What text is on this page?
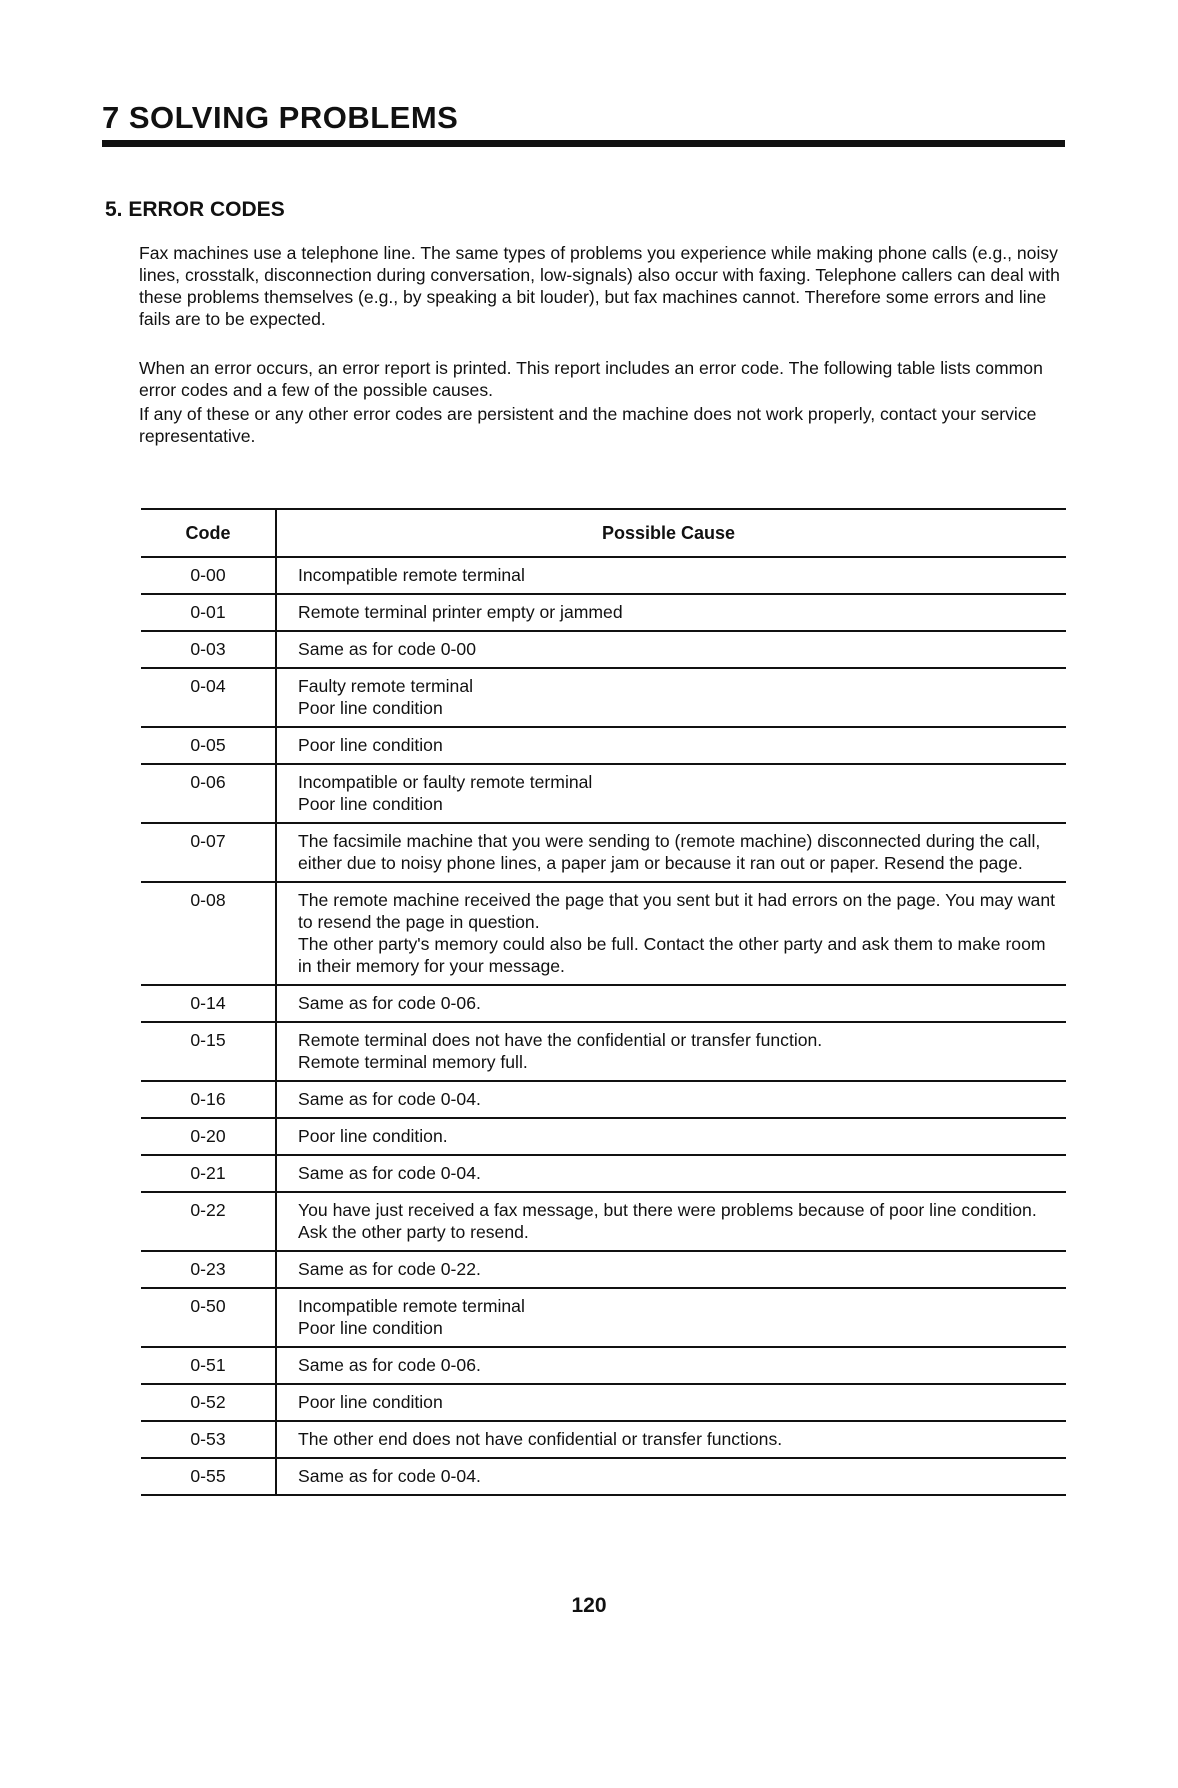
7 SOLVING PROBLEMS
5. ERROR CODES

Fax machines use a telephone line. The same types of problems you experience while making phone calls (e.g., noisy lines, crosstalk, disconnection during conversation, low-signals) also occur with faxing. Telephone callers can deal with these problems themselves (e.g., by speaking a bit louder), but fax machines cannot. Therefore some errors and line fails are to be expected.

When an error occurs, an error report is printed. This report includes an error code. The following table lists common error codes and a few of the possible causes.

If any of these or any other error codes are persistent and the machine does not work properly, contact your service representative.

Code	Possible Cause
0-00	Incompatible remote terminal

0-01	Remote terminal printer empty or jammed

0-03	Same as for code 0-00

0-04	Faulty remote terminal
Poor line condition

0-05	Poor line condition

0-06	Incompatible or faulty remote terminal
Poor line condition

0-07	The facsimile machine that you were sending to (remote machine) disconnected during the call, either due to noisy phone lines, a paper jam or because it ran out or paper. Resend the page.

0-08	The remote machine received the page that you sent but it had errors on the page. You may want to resend the page in question.
The other party's memory could also be full. Contact the other party and ask them to make room in their memory for your message.

0-14	Same as for code 0-06.

0-15	Remote terminal does not have the confidential or transfer function.
Remote terminal memory full.

0-16	Same as for code 0-04.

0-20	Poor line condition.

0-21	Same as for code 0-04.

0-22	You have just received a fax message, but there were problems because of poor line condition. Ask the other party to resend.

0-23	Same as for code 0-22.

0-50	Incompatible remote terminal
Poor line condition

0-51	Same as for code 0-06.

0-52	Poor line condition

0-53	The other end does not have confidential or transfer functions.

0-55	Same as for code 0-04.
120
